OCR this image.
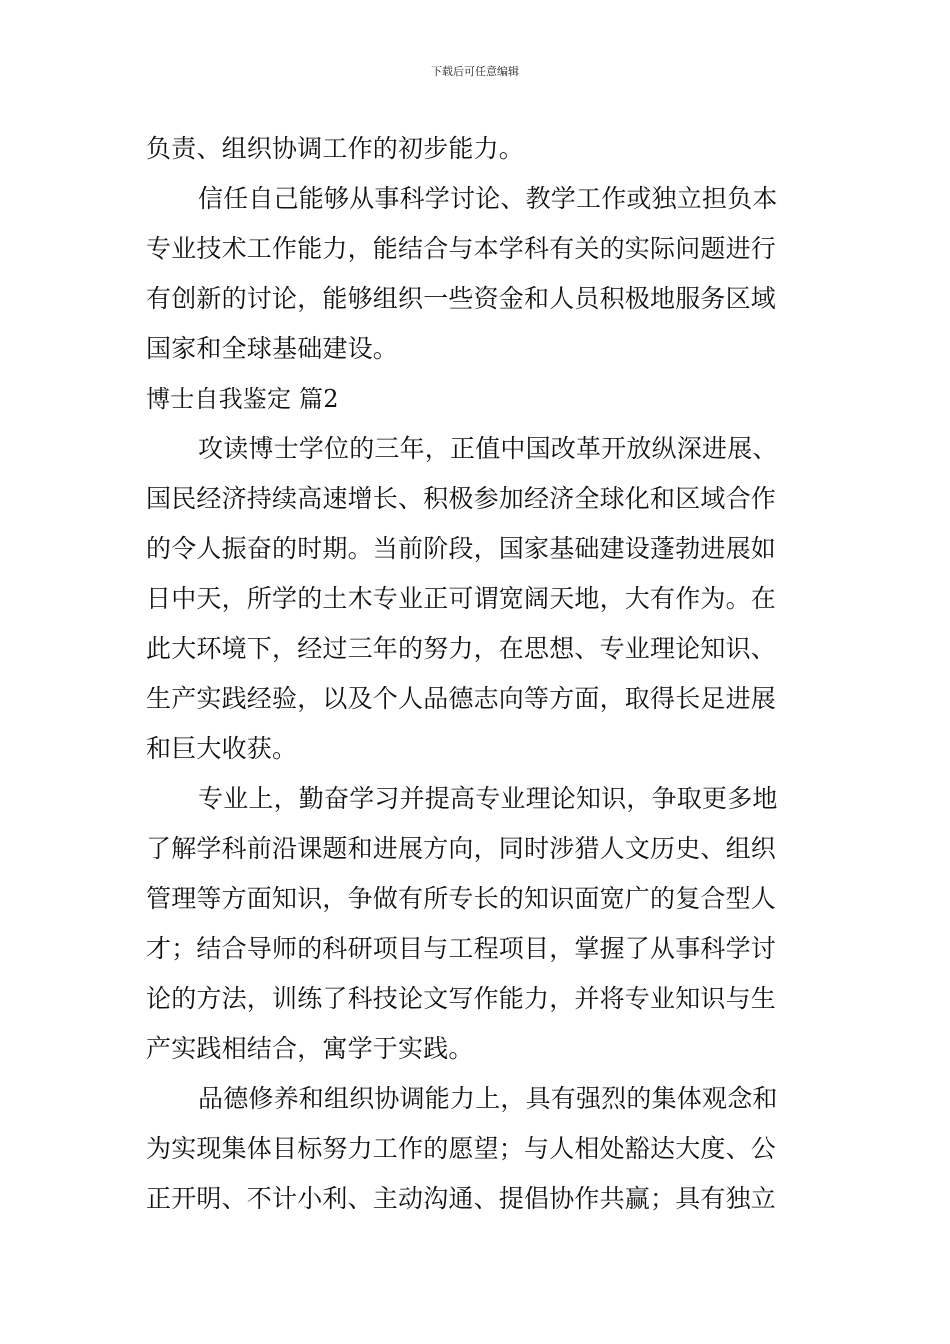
下载后可任意编辑
负责、组织协调工作的初步能力。
信任自己能够从事科学讨论、教学工作或独立担负本
专业技术工作能力，能结合与本学科有关的实际问题进行
有创新的讨论，能够组织一些资金和人员积极地服务区域
国家和全球基础建设。
博士自我鉴定 篇2
攻读博士学位的三年，正值中国改革开放纵深进展、
国民经济持续高速增长、积极参加经济全球化和区域合作
的令人振奋的时期。当前阶段，国家基础建设蓬勃进展如
日中天，所学的土木专业正可谓宽阔天地，大有作为。在
此大环境下，经过三年的努力，在思想、专业理论知识、
生产实践经验，以及个人品德志向等方面，取得长足进展
和巨大收获。
专业上，勤奋学习并提高专业理论知识，争取更多地
了解学科前沿课题和进展方向，同时涉猎人文历史、组织
管理等方面知识，争做有所专长的知识面宽广的复合型人
才；结合导师的科研项目与工程项目，掌握了从事科学讨
论的方法，训练了科技论文写作能力，并将专业知识与生
产实践相结合，寓学于实践。
品德修养和组织协调能力上，具有强烈的集体观念和
为实现集体目标努力工作的愿望；与人相处豁达大度、公
正开明、不计小利、主动沟通、提倡协作共赢；具有独立
